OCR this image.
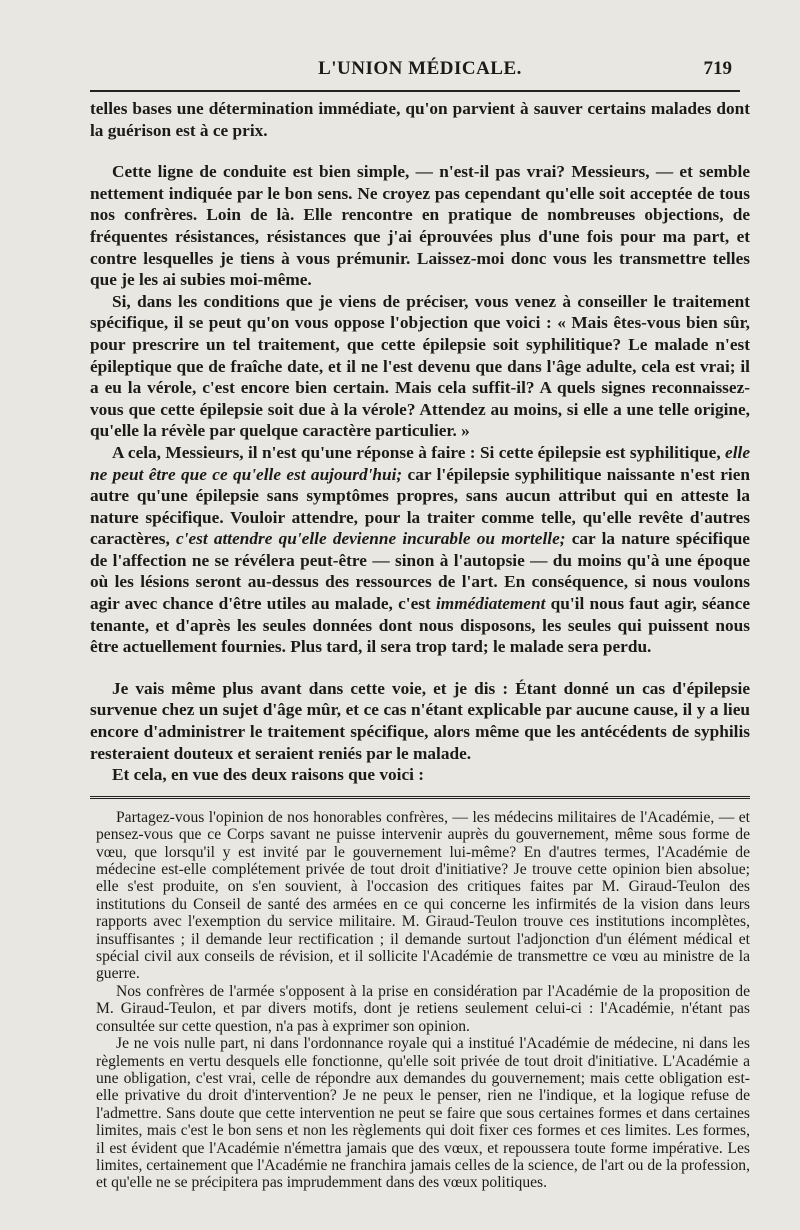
L'UNION MÉDICALE.	719

telles bases une détermination immédiate, qu'on parvient à sauver certains malades dont la guérison est à ce prix.

Cette ligne de conduite est bien simple, — n'est-il pas vrai? Messieurs, — et semble nettement indiquée par le bon sens. Ne croyez pas cependant qu'elle soit acceptée de tous nos confrères. Loin de là. Elle rencontre en pratique de nombreuses objections, de fréquentes résistances, résistances que j'ai éprouvées plus d'une fois pour ma part, et contre lesquelles je tiens à vous prémunir. Laissez-moi donc vous les transmettre telles que je les ai subies moi-même.

Si, dans les conditions que je viens de préciser, vous venez à conseiller le traitement spécifique, il se peut qu'on vous oppose l'objection que voici : « Mais êtes-vous bien sûr, pour prescrire un tel traitement, que cette épilepsie soit syphilitique? Le malade n'est épileptique que de fraîche date, et il ne l'est devenu que dans l'âge adulte, cela est vrai; il a eu la vérole, c'est encore bien certain. Mais cela suffit-il? A quels signes reconnaissez-vous que cette épilepsie soit due à la vérole? Attendez au moins, si elle a une telle origine, qu'elle la révèle par quelque caractère particulier. »

A cela, Messieurs, il n'est qu'une réponse à faire : Si cette épilepsie est syphilitique, elle ne peut être que ce qu'elle est aujourd'hui; car l'épilepsie syphilitique naissante n'est rien autre qu'une épilepsie sans symptômes propres, sans aucun attribut qui en atteste la nature spécifique. Vouloir attendre, pour la traiter comme telle, qu'elle revête d'autres caractères, c'est attendre qu'elle devienne incurable ou mortelle; car la nature spécifique de l'affection ne se révélera peut-être — sinon à l'autopsie — du moins qu'à une époque où les lésions seront au-dessus des ressources de l'art. En conséquence, si nous voulons agir avec chance d'être utiles au malade, c'est immédiatement qu'il nous faut agir, séance tenante, et d'après les seules données dont nous disposons, les seules qui puissent nous être actuellement fournies. Plus tard, il sera trop tard; le malade sera perdu.

Je vais même plus avant dans cette voie, et je dis : Étant donné un cas d'épilepsie survenue chez un sujet d'âge mûr, et ce cas n'étant explicable par aucune cause, il y a lieu encore d'administrer le traitement spécifique, alors même que les antécédents de syphilis resteraient douteux et seraient reniés par le malade.

Et cela, en vue des deux raisons que voici :

Partagez-vous l'opinion de nos honorables confrères, — les médecins militaires de l'Académie, — et pensez-vous que ce Corps savant ne puisse intervenir auprès du gouvernement, même sous forme de vœu, que lorsqu'il y est invité par le gouvernement lui-même? En d'autres termes, l'Académie de médecine est-elle complétement privée de tout droit d'initiative? Je trouve cette opinion bien absolue; elle s'est produite, on s'en souvient, à l'occasion des critiques faites par M. Giraud-Teulon des institutions du Conseil de santé des armées en ce qui concerne les infirmités de la vision dans leurs rapports avec l'exemption du service militaire. M. Giraud-Teulon trouve ces institutions incomplètes, insuffisantes ; il demande leur rectification ; il demande surtout l'adjonction d'un élément médical et spécial civil aux conseils de révision, et il sollicite l'Académie de transmettre ce vœu au ministre de la guerre.

Nos confrères de l'armée s'opposent à la prise en considération par l'Académie de la proposition de M. Giraud-Teulon, et par divers motifs, dont je retiens seulement celui-ci : l'Académie, n'étant pas consultée sur cette question, n'a pas à exprimer son opinion.

Je ne vois nulle part, ni dans l'ordonnance royale qui a institué l'Académie de médecine, ni dans les règlements en vertu desquels elle fonctionne, qu'elle soit privée de tout droit d'initiative. L'Académie a une obligation, c'est vrai, celle de répondre aux demandes du gouvernement; mais cette obligation est-elle privative du droit d'intervention? Je ne peux le penser, rien ne l'indique, et la logique refuse de l'admettre. Sans doute que cette intervention ne peut se faire que sous certaines formes et dans certaines limites, mais c'est le bon sens et non les règlements qui doit fixer ces formes et ces limites. Les formes, il est évident que l'Académie n'émettra jamais que des vœux, et repoussera toute forme impérative. Les limites, certainement que l'Académie ne franchira jamais celles de la science, de l'art ou de la profession, et qu'elle ne se précipitera pas imprudemment dans des vœux politiques.
